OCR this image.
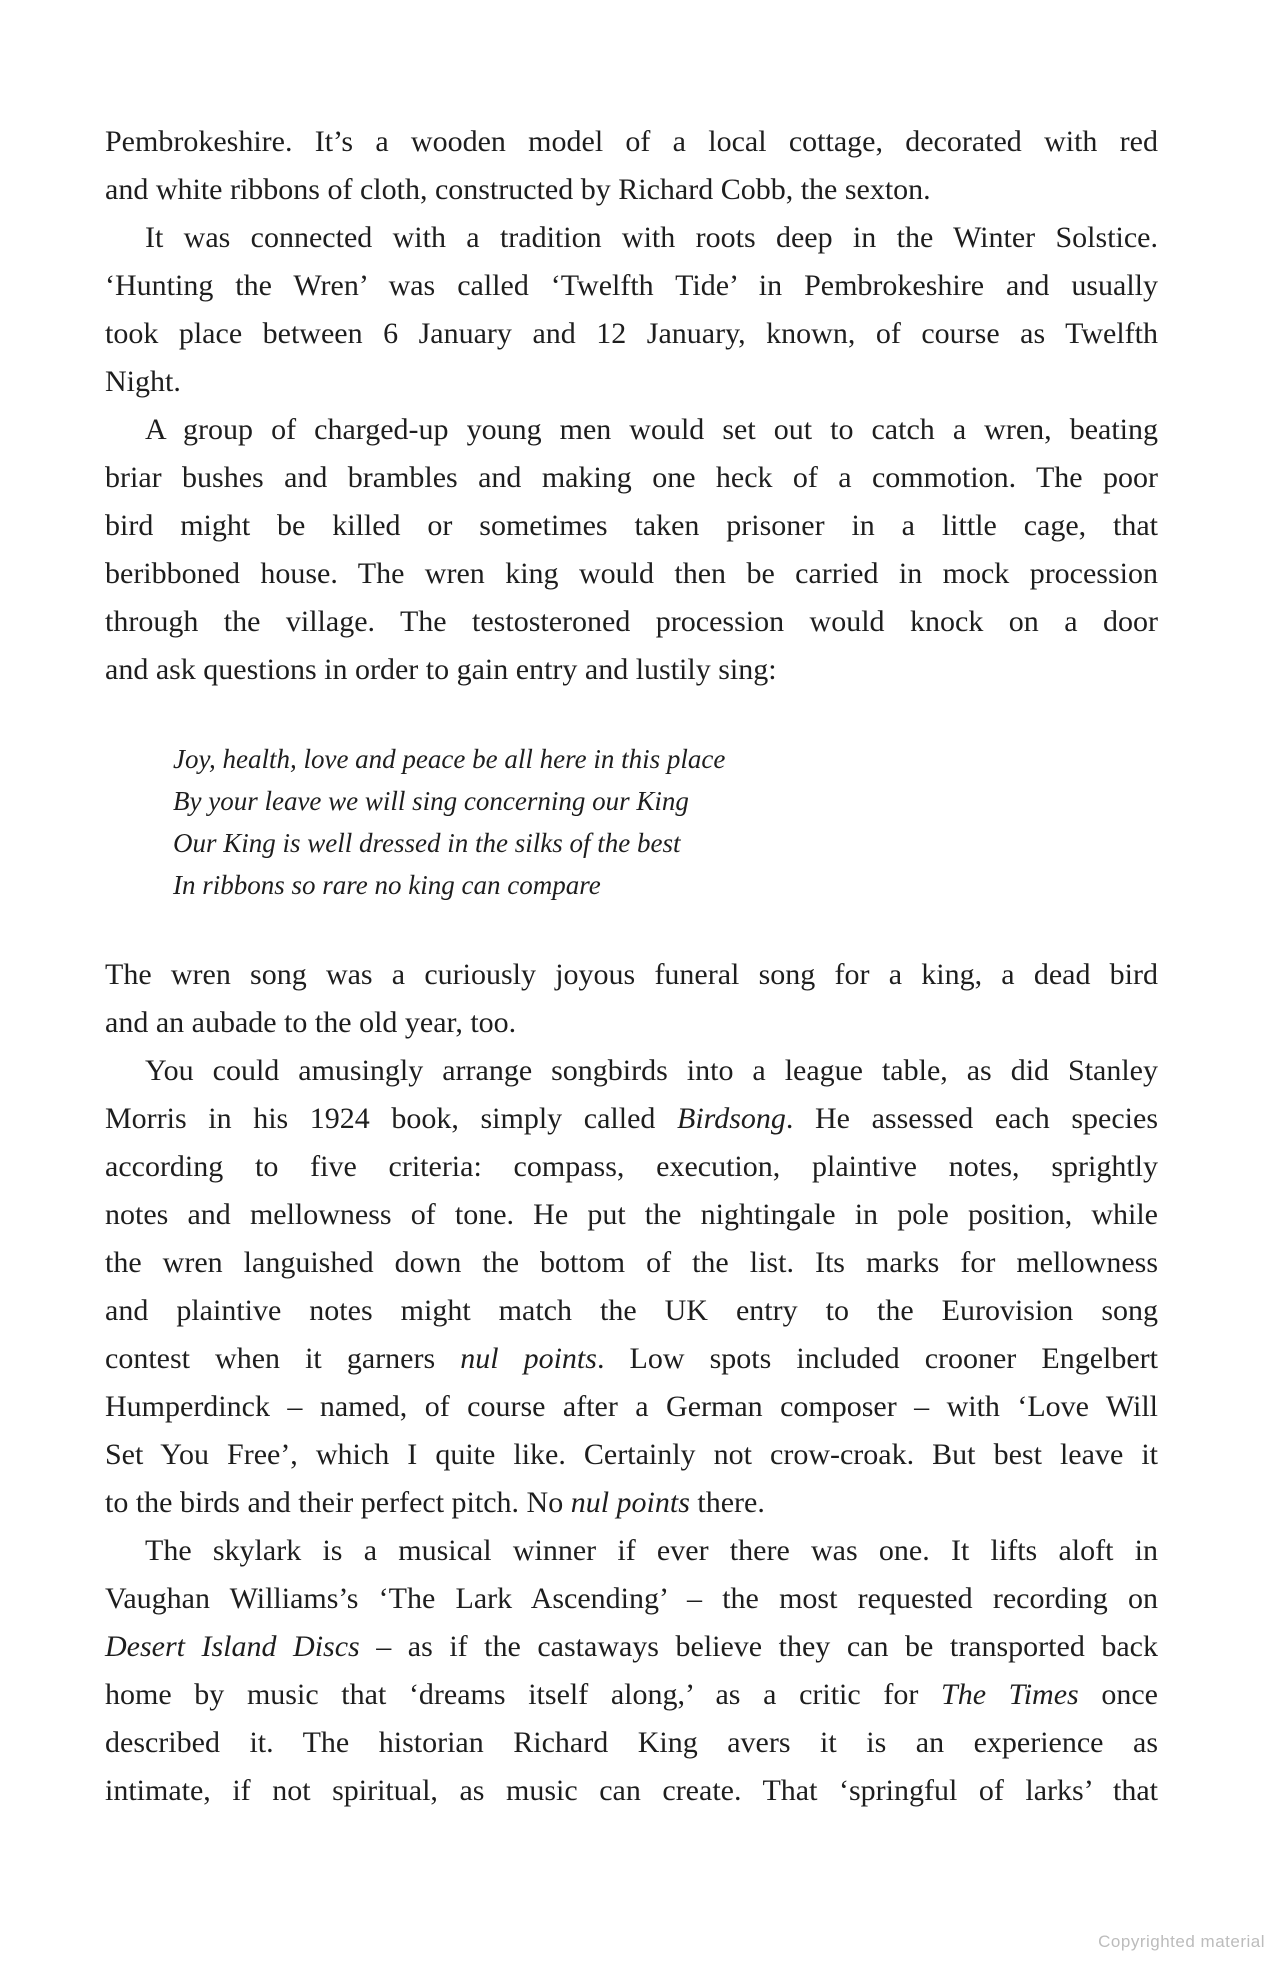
Pembrokeshire. It’s a wooden model of a local cottage, decorated with red
and white ribbons of cloth, constructed by Richard Cobb, the sexton.
It was connected with a tradition with roots deep in the Winter Solstice.
‘Hunting the Wren’ was called ‘Twelfth Tide’ in Pembrokeshire and usually
took place between 6 January and 12 January, known, of course as Twelfth
Night.
A group of charged-up young men would set out to catch a wren, beating
briar bushes and brambles and making one heck of a commotion. The poor
bird might be killed or sometimes taken prisoner in a little cage, that
beribboned house. The wren king would then be carried in mock procession
through the village. The testosteroned procession would knock on a door
and ask questions in order to gain entry and lustily sing:
Joy, health, love and peace be all here in this place
By your leave we will sing concerning our King
Our King is well dressed in the silks of the best
In ribbons so rare no king can compare
The wren song was a curiously joyous funeral song for a king, a dead bird
and an aubade to the old year, too.
You could amusingly arrange songbirds into a league table, as did Stanley
Morris in his 1924 book, simply called Birdsong. He assessed each species
according to five criteria: compass, execution, plaintive notes, sprightly
notes and mellowness of tone. He put the nightingale in pole position, while
the wren languished down the bottom of the list. Its marks for mellowness
and plaintive notes might match the UK entry to the Eurovision song
contest when it garners nul points. Low spots included crooner Engelbert
Humperdinck – named, of course after a German composer – with ‘Love Will
Set You Free’, which I quite like. Certainly not crow-croak. But best leave it
to the birds and their perfect pitch. No nul points there.
The skylark is a musical winner if ever there was one. It lifts aloft in
Vaughan Williams’s ‘The Lark Ascending’ – the most requested recording on
Desert Island Discs – as if the castaways believe they can be transported back
home by music that ‘dreams itself along,’ as a critic for The Times once
described it. The historian Richard King avers it is an experience as
intimate, if not spiritual, as music can create. That ‘springful of larks’ that
Copyrighted material
